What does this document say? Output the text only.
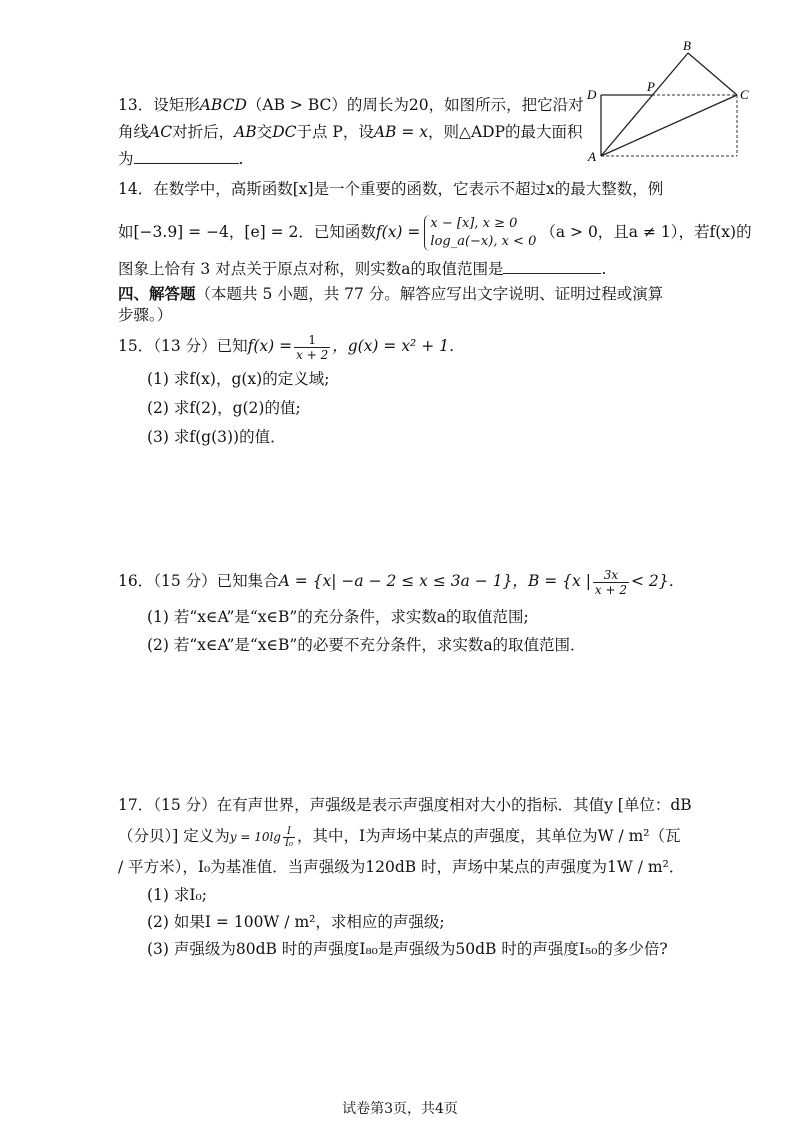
13．设矩形ABCD（AB > BC）的周长为20，如图所示，把它沿对
角线AC对折后，AB交DC于点 P，设AB = x，则△ADP的最大面积
为	.
B
D
P
C
A
14．在数学中，高斯函数[x]是一个重要的函数，它表示不超过x的最大整数，例
如[−3.9] = −4，[e] = 2．已知函数f(x) = x − [x], x ≥ 0
log_a(−x), x < 0
（a > 0，且a ≠ 1），若f(x)的
图象上恰有 3 对点关于原点对称，则实数a的取值范围是	.
四、解答题（本题共 5 小题，共 77 分。解答应写出文字说明、证明过程或演算
步骤。）
15．（13 分）已知$f(x) = \frac{1}{x + 2}$ ，g(x) = x² + 1．
(1) 求f(x)，g(x)的定义域;
(2) 求f(2)，g(2)的值;
(3) 求f(g(3))的值．
16．（15 分）已知集合A = {x| −a − 2 ≤ x ≤ 3a − 1}，B = {x | $\frac{3x}{x + 2} < 2$}．
(1) 若“x∈A”是“x∈B”的充分条件，求实数a的取值范围;
(2) 若“x∈A”是“x∈B”的必要不充分条件，求实数a的取值范围．
17．（15 分）在有声世界，声强级是表示声强度相对大小的指标．其值y [单位：dB
（分贝）] 定义为$y = 10\lg \frac{I}{\text{I₀}}$ ，其中，I为声场中某点的声强度，其单位为W / m²（瓦
/ 平方米），I₀为基准值．当声强级为120dB 时，声场中某点的声强度为1W / m²．
(1) 求I₀;
(2) 如果I = 100W / m²，求相应的声强级;
(3) 声强级为80dB 时的声强度I₈₀是声强级为50dB 时的声强度I₅₀的多少倍?
试卷第3页，共4页
